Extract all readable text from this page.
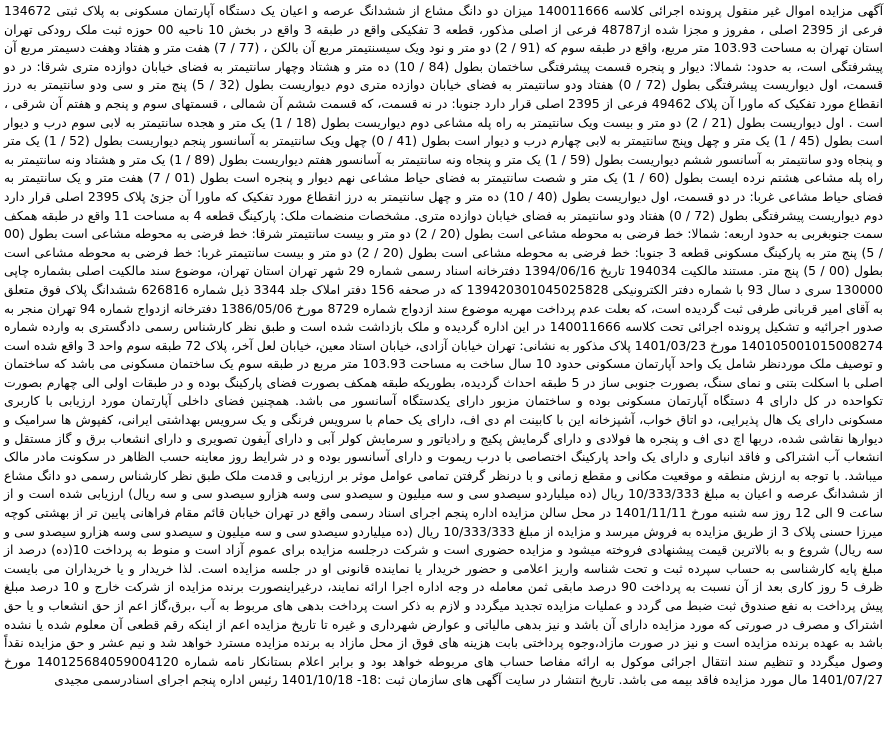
آگهی مزایده اموال غیر منقول پرونده اجرائی کلاسه 140011666 میزان دو دانگ مشاع از ششدانگ عرصه و اعیان یک دستگاه آپارتمان مسکونی به پلاک ثبتی 134672 فرعی از 2395 اصلی ، مفروز و مجزا شده از48787 فرعی از اصلی مذکور، قطعه 3 تفکیکی واقع در طبقه 3 واقع در بخش 10 ناحیه 00 حوزه ثبت ملک رودکی تهران استان تهران به مساحت 103.93 متر مربع، واقع در طبقه سوم که (91 / 2) دو متر و نود ویک سیسنتیمتر مربع آن بالکن ، (77 / 7) هفت متر و هفتاد وهفت دسیمتر مربع آن پیشرفتگی است، به حدود: شمالا: دیوار و پنجره قسمت پیشرفتگی ساختمان بطول (84 / 10) ده متر و هشتاد وچهار سانتیمتر به فضای خیابان دوازده متری شرقا: در دو قسمت، اول دیواریست پیشرفتگی بطول (72 / 0) هفتاد ودو سانتیمتر به فضای خیابان دوازده متری دوم دیواریست بطول (32 / 5) پنج متر و سی ودو سانتیمتر به درز انقطاع مورد تفکیک که ماورا آن پلاک 49462 فرعی از 2395 اصلی قرار دارد جنوبا: در نه قسمت، که قسمت ششم آن شمالی ، قسمتهای سوم و پنجم و هفتم آن شرقی ، است . اول دیواریست بطول (21 / 2) دو متر و بیست ویک سانتیمتر به راه پله مشاعی دوم دیواریست بطول (18 / 1) یک متر و هجده سانتیمتر به لابی سوم درب و دیوار است بطول (45 / 1) یک متر و چهل وپنج سانتیمتر به لابی چهارم درب و دیوار است بطول (41 / 0) چهل ویک سانتیمتر به آسانسور پنجم دیواریست بطول (52 / 1) یک متر و پنجاه ودو سانتیمتر به آسانسور ششم دیواریست بطول (59 / 1) یک متر و پنجاه ونه سانتیمتر به آسانسور هفتم دیواریست بطول (89 / 1) یک متر و هشتاد ونه سانتیمتر به راه پله مشاعی هشتم نرده ایست بطول (60 / 1) یک متر و شصت سانتیمتر به فضای حیاط مشاعی نهم دیوار و پنجره است بطول (01 / 7) هفت متر و یک سانتیمتر به فضای حیاط مشاعی غربا: در دو قسمت، اول دیواریست بطول (40 / 10) ده متر و چهل سانتیمتر به درز انقطاع مورد تفکیک که ماورا آن جزئ پلاک 2395 اصلی قرار دارد دوم دیواریست پیشرفتگی بطول (72 / 0) هفتاد ودو سانتیمتر به فضای خیابان دوازده متری. مشخصات منضمات ملک: پارکینگ قطعه 4 به مساحت 11 واقع در طبقه همکف سمت جنوبغربی به حدود اربعه: شمالا: خط فرضی به محوطه مشاعی است بطول (20 / 2) دو متر و بیست سانتیمتر شرقا: خط فرضی به محوطه مشاعی است بطول (00 / 5) پنج متر به پارکینگ مسکونی قطعه 3 جنوبا: خط فرضی به محوطه مشاعی است بطول (20 / 2) دو متر و بیست سانتیمتر غربا: خط فرضی به محوطه مشاعی است بطول (00 / 5) پنج متر. مستند مالکیت 194034 تاریخ 1394/06/16 دفترخانه اسناد رسمی شماره 29 شهر تهران استان تهران، موضوع سند مالکیت اصلی بشماره چاپی 130000 سری د سال 93 با شماره دفتر الکترونیکی 139420301045025828 که در صحفه 156 دفتر املاک جلد 3344 ذیل شماره 626816 ششدانگ پلاک فوق متعلق به آقای امیر قربانی طرفی ثبت گردیده است، که بعلت عدم پرداخت مهریه موضوع سند ازدواج شماره 8729 مورخ 1386/05/06 دفترخانه ازدواج شماره 94 تهران منجر به صدور اجرائیه و تشکیل پرونده اجرائی تحت کلاسه 140011666 در این اداره گردیده و ملک بازداشت شده است و طبق نظر کارشناس رسمی دادگستری به وارده شماره 140105001015008274 مورخ 1401/03/23 پلاک مذکور به نشانی: تهران خیابان آزادی، خیابان استاد معین، خیابان لعل آخر، پلاک 72 طبقه سوم واحد 3 واقع شده است و توصیف ملک موردنظر شامل یک واحد آپارتمان مسکونی حدود 10 سال ساخت به مساحت 103.93 متر مربع در طبقه سوم یک ساختمان مسکونی می باشد که ساختمان اصلی با اسکلت بتنی و نمای سنگ، بصورت جنوبی ساز در 5 طبقه احداث گردیده، بطوریکه طبقه همکف بصورت فضای پارکینگ بوده و در طبقات اولی الی چهارم بصورت تکواحده در کل دارای 4 دستگاه آپارتمان مسکونی بوده و ساختمان مزبور دارای یکدستگاه آسانسور می باشد. همچنین فضای داخلی آپارتمان مورد ارزیابی با کاربری مسکونی دارای یک هال پذیرایی، دو اتاق خواب، آشپزخانه این با کابینت ام دی اف، دارای یک حمام با سرویس فرنگی و یک سرویس بهداشتی ایرانی، کفپوش ها سرامیک و دیوارها نقاشی شده، دربها اچ دی اف و پنجره ها فولادی و دارای گرمایش پکیج و رادیاتور و سرمایش کولر آبی و دارای آیفون تصویری و دارای انشعاب برق و گاز مستقل و انشعاب آب اشتراکی و فاقد انباری و دارای یک واحد پارکینگ اختصاصی با درب ریموت و دارای آسانسور بوده و در شرایط روز معاینه حسب الظاهر در سکونت مادر مالک میباشد. با توجه به ارزش منطقه و موقعیت مکانی و مقطع زمانی و با درنظر گرفتن تمامی عوامل موثر بر ارزیابی و قدمت ملک طبق نظر کارشناس رسمی دو دانگ مشاع از ششدانگ عرصه و اعیان به مبلغ 10/333/333 ریال (ده میلیاردو سیصدو سی و سه میلیون و سیصدو سی وسه هزارو سیصدو سی و سه ریال) ارزیابی شده است و از ساعت 9 الی 12 روز سه شنبه مورخ 1401/11/11 در محل سالن مزایده اداره پنجم اجرای اسناد رسمی واقع در تهران خیابان قائم مقام فراهانی پایین تر از بهشتی کوچه میرزا حسنی پلاک 3 از طریق مزایده به فروش میرسد و مزایده از مبلغ 10/333/333 ریال (ده میلیاردو سیصدو سی و سه میلیون و سیصدو سی وسه هزارو سیصدو سی و سه ریال) شروع و به بالاترین قیمت پیشنهادی فروخته میشود و مزایده حضوری است و شرکت درجلسه مزایده برای عموم آزاد است و منوط به پرداخت 10(ده) درصد از مبلغ پایه کارشناسی به حساب سپرده ثبت و تحت شناسه واریز اعلامی و حضور خریدار یا نماینده قانونی او در جلسه مزایده است. لذا خریدار و یا خریداران می بایست ظرف 5 روز کاری بعد از آن نسبت به پرداخت 90 درصد مابقی ثمن معامله در وجه اداره اجرا ارائه نمایند، درغیراینصورت برنده مزایده از شرکت خارج و 10 درصد مبلغ پیش پرداخت به نفع صندوق ثبت ضبط می گردد و عملیات مزایده تجدید میگردد و لازم به ذکر است پرداخت بدهی های مربوط به آب ،برق،گاز اعم از حق انشعاب و یا حق اشتراک و مصرف در صورتی که مورد مزایده دارای آن باشد و نیز بدهی مالیاتی و عوارض شهرداری و غیره تا تاریخ مزایده اعم از اینکه رقم قطعی آن معلوم شده یا نشده باشد به عهده برنده مزایده است و نیز در صورت مازاد،وجوه پرداختی بابت هزینه های فوق از محل مازاد به برنده مزایده مسترد خواهد شد و نیم عشر و حق مزایده نقداً وصول میگردد و تنظیم سند انتقال اجرائی موکول به ارائه مفاصا حساب های مربوطه خواهد بود و برابر اعلام بستانکار نامه شماره 140125684059004120 مورخ 1401/07/27 مال مورد مزایده فاقد بیمه می باشد. تاریخ انتشار در سایت آگهی های سازمان ثبت :18- 1401/10/18 رئیس اداره پنجم اجرای اسنادرسمی مجیدی
